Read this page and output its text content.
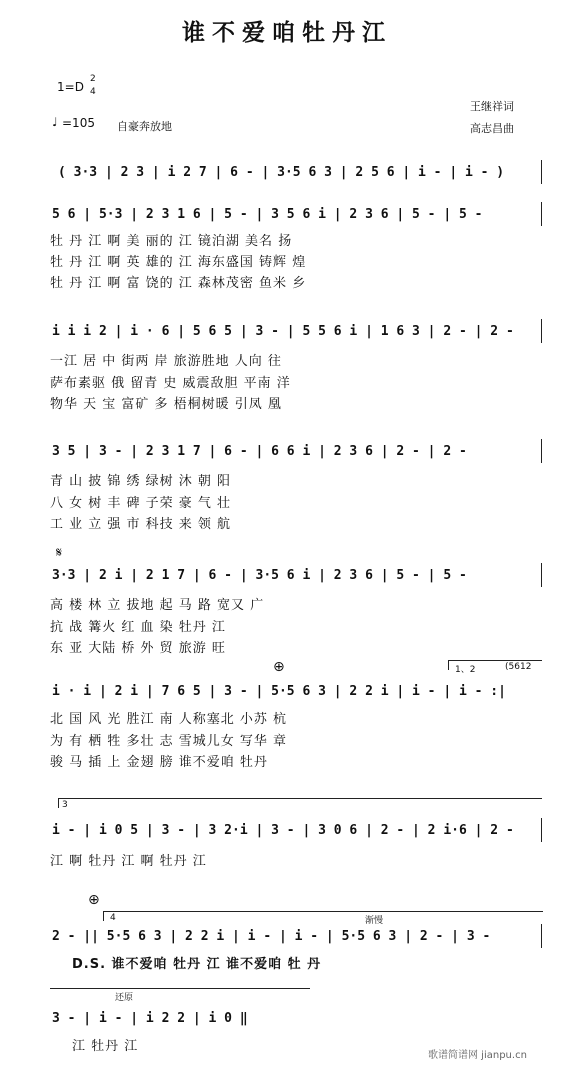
谁不爱咱牡丹江
1=D
2
4
♩ =105 自豪奔放地
王继祥词
高志昌曲
( 3·3 | 2 3 | i 2 7 | 6 - | 3·5 6 3 | 2 5 6 | i - | i - )
5 6 | 5·3 | 2 3 1 6 | 5 - | 3 5 6 i | 2 3 6 | 5 - | 5 -
牡 丹 江 啊 美 丽的 江 镜泊湖 美名 扬
牡 丹 江 啊 英 雄的 江 海东盛国 铸辉 煌
牡 丹 江 啊 富 饶的 江 森林茂密 鱼米 乡
i i i 2 | i · 6 | 5 6 5 | 3 - | 5 5 6 i | 1 6 3 | 2 - | 2 -
一江 居 中 街两 岸 旅游胜地 人向 往
萨布素驱 俄 留青 史 威震敌胆 平南 洋
物华 天 宝 富矿 多 梧桐树暖 引凤 凰
3 5 | 3 - | 2 3 1 7 | 6 - | 6 6 i | 2 3 6 | 2 - | 2 -
青 山 披 锦 绣 绿树 沐 朝 阳
八 女 树 丰 碑 子荣 豪 气 壮
工 业 立 强 市 科技 来 领 航
𝄋
3·3 | 2 i | 2 1 7 | 6 - | 3·5 6 i | 2 3 6 | 5 - | 5 -
高 楼 林 立 拔地 起 马 路 宽又 广
抗 战 篝火 红 血 染 牡丹 江
东 亚 大陆 桥 外 贸 旅游 旺
⊕	1、2	(5612
i · i | 2 i | 7 6 5 | 3 - | 5·5 6 3 | 2 2 i | i - | i - :|
北 国 风 光 胜江 南 人称塞北 小苏 杭
为 有 栖 牲 多壮 志 雪城儿女 写华 章
骏 马 插 上 金翅 膀 谁不爱咱 牡丹
3
i - | i 0 5 | 3 - | 3 2·i | 3 - | 3 0 6 | 2 - | 2 i·6 | 2 -
江 啊 牡丹 江 啊 牡丹 江
⊕
4	渐慢
2 - || 5·5 6 3 | 2 2 i | i - | i - | 5·5 6 3 | 2 - | 3 -
D.S. 谁不爱咱 牡丹 江 谁不爱咱 牡 丹
还原
3 - | i - | i 2 2 | i 0 ‖
江 牡丹 江
歌谱简谱网 jianpu.cn
